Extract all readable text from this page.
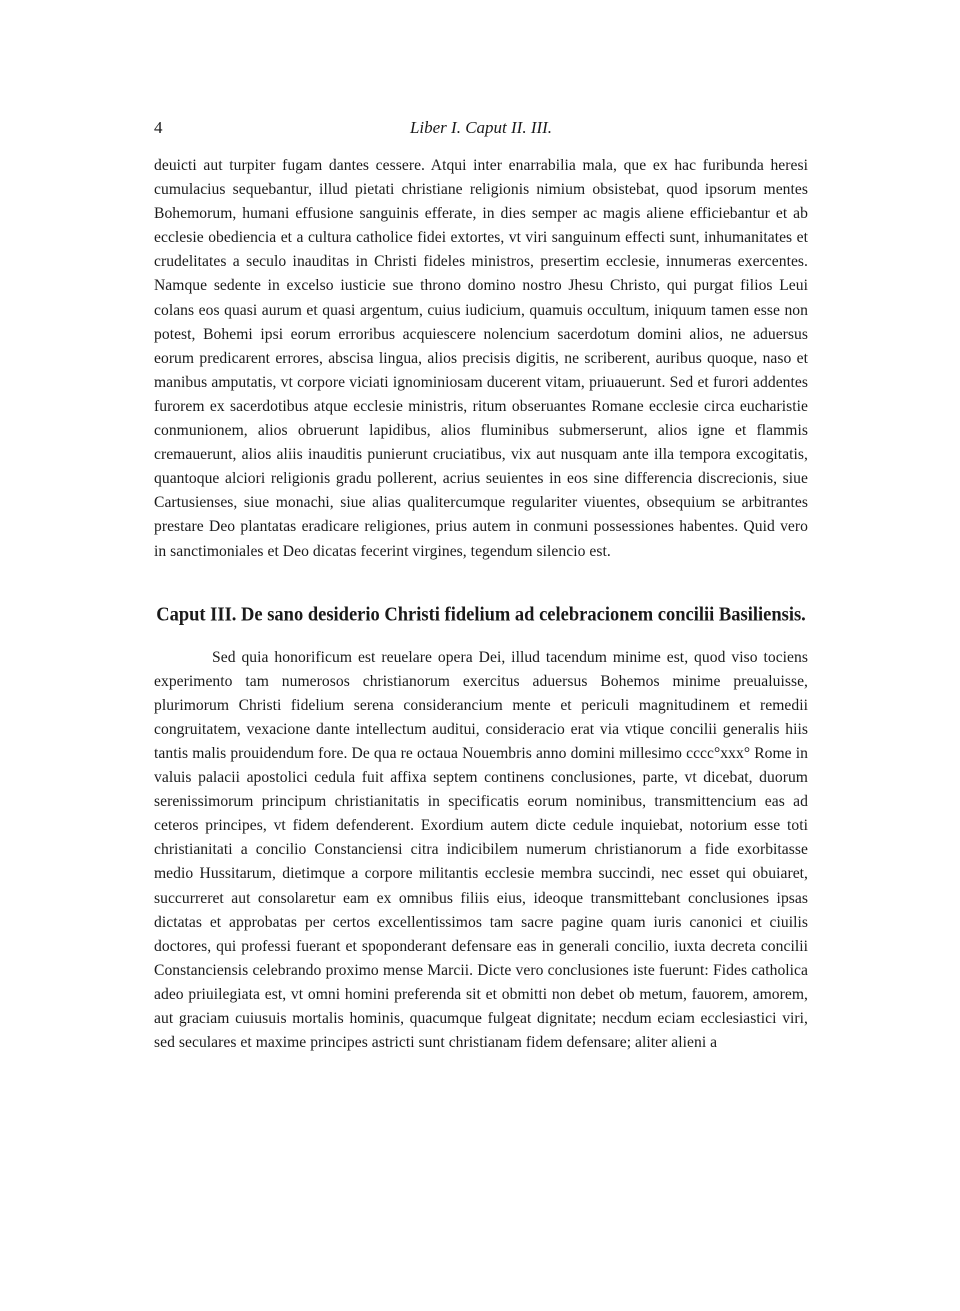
4	Liber I. Caput II. III.

deuicti aut turpiter fugam dantes cessere. Atqui inter enarrabilia mala, que ex hac furibunda heresi cumulacius sequebantur, illud pietati christiane religionis nimium obsistebat, quod ipsorum mentes Bohemorum, humani effusione sanguinis efferate, in dies semper ac magis aliene efficiebantur et ab ecclesie obediencia et a cultura catholice fidei extortes, vt viri sanguinum effecti sunt, inhumanitates et crudelitates a seculo inauditas in Christi fideles ministros, presertim ecclesie, innumeras exercentes. Namque sedente in excelso iusticie sue throno domino nostro Jhesu Christo, qui purgat filios Leui colans eos quasi aurum et quasi argentum, cuius iudicium, quamuis occultum, iniquum tamen esse non potest, Bohemi ipsi eorum erroribus acquiescere nolencium sacerdotum domini alios, ne aduersus eorum predicarent errores, abscisa lingua, alios precisis digitis, ne scriberent, auribus quoque, naso et manibus amputatis, vt corpore viciati ignominiosam ducerent vitam, priuauerunt. Sed et furori addentes furorem ex sacerdotibus atque ecclesie ministris, ritum obseruantes Romane ecclesie circa eucharistie conmunionem, alios obruerunt lapidibus, alios fluminibus submerserunt, alios igne et flammis cremauerunt, alios aliis inauditis punierunt cruciatibus, vix aut nusquam ante illa tempora excogitatis, quantoque alciori religionis gradu pollerent, acrius seuientes in eos sine differencia discrecionis, siue Cartusienses, siue monachi, siue alias qualitercumque regulariter viuentes, obsequium se arbitrantes prestare Deo plantatas eradicare religiones, prius autem in conmuni possessiones habentes. Quid vero in sanctimoniales et Deo dicatas fecerint virgines, tegendum silencio est.

Caput III. De sano desiderio Christi fidelium ad celebracionem concilii Basiliensis.

Sed quia honorificum est reuelare opera Dei, illud tacendum minime est, quod viso tociens experimento tam numerosos christianorum exercitus aduersus Bohemos minime preualuisse, plurimorum Christi fidelium serena considerancium mente et periculi magnitudinem et remedii congruitatem, vexacione dante intellectum auditui, consideracio erat via vtique concilii generalis hiis tantis malis prouidendum fore. De qua re octaua Nouembris anno domini millesimo cccc°xxx° Rome in valuis palacii apostolici cedula fuit affixa septem continens conclusiones, parte, vt dicebat, duorum serenissimorum principum christianitatis in specificatis eorum nominibus, transmittencium eas ad ceteros principes, vt fidem defenderent. Exordium autem dicte cedule inquiebat, notorium esse toti christianitati a concilio Constanciensi citra indicibilem numerum christianorum a fide exorbitasse medio Hussitarum, dietimque a corpore militantis ecclesie membra succindi, nec esset qui obuiaret, succurreret aut consolaretur eam ex omnibus filiis eius, ideoque transmittebant conclusiones ipsas dictatas et approbatas per certos excellentissimos tam sacre pagine quam iuris canonici et ciuilis doctores, qui professi fuerant et spoponderant defensare eas in generali concilio, iuxta decreta concilii Constanciensis celebrando proximo mense Marcii. Dicte vero conclusiones iste fuerunt: Fides catholica adeo priuilegiata est, vt omni homini preferenda sit et obmitti non debet ob metum, fauorem, amorem, aut graciam cuiusuis mortalis hominis, quacumque fulgeat dignitate; necdum eciam ecclesiastici viri, sed seculares et maxime principes astricti sunt christianam fidem defensare; aliter alieni a
